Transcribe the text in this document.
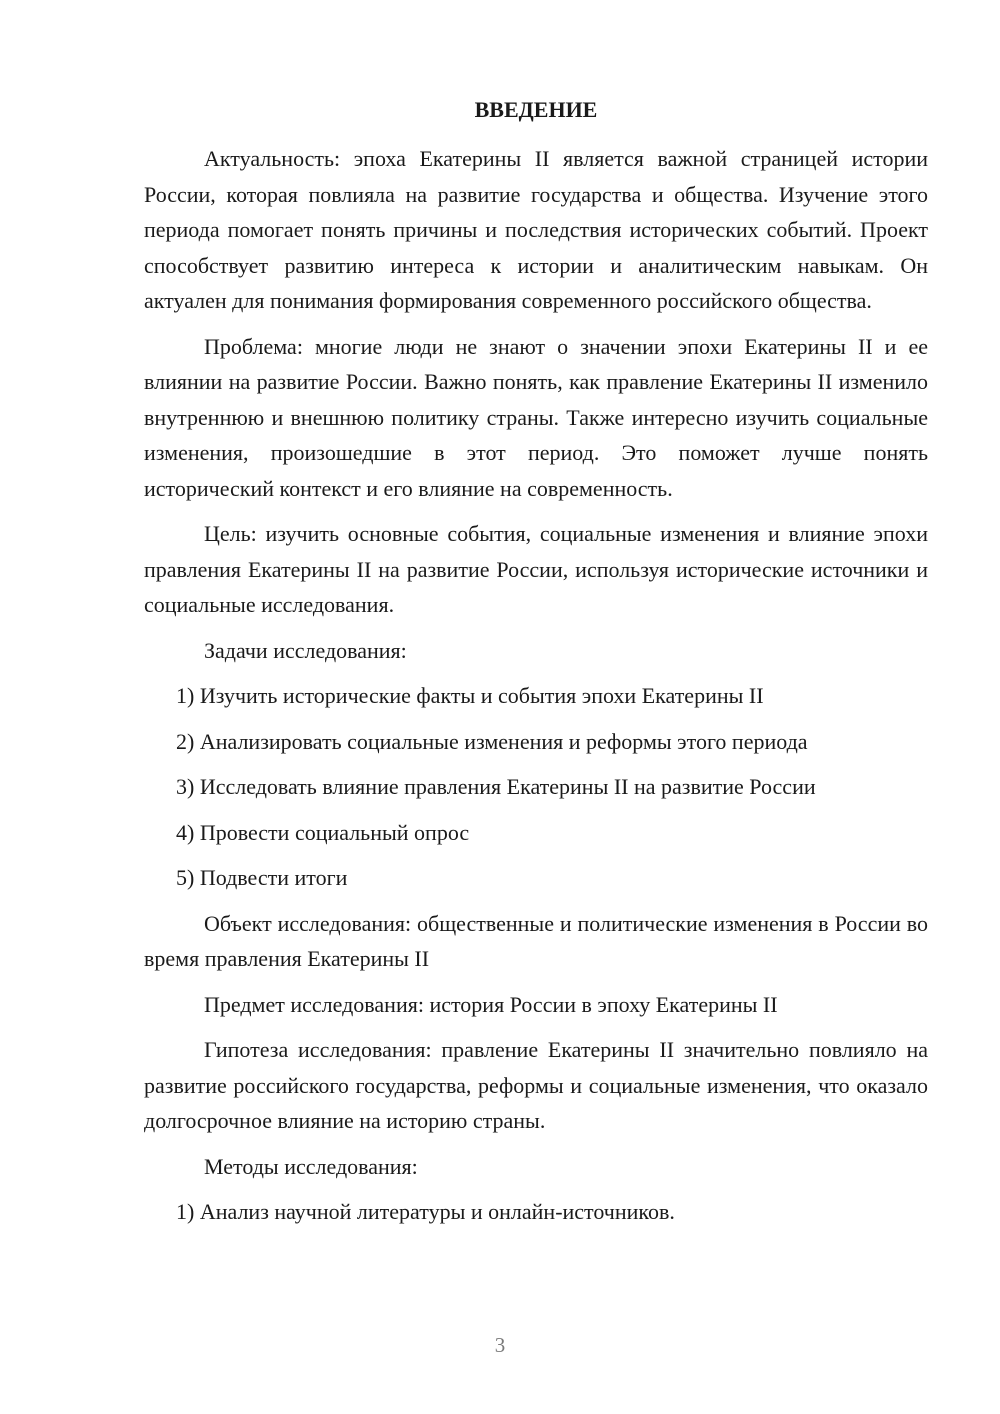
ВВЕДЕНИЕ

Актуальность: эпоха Екатерины II является важной страницей истории России, которая повлияла на развитие государства и общества. Изучение этого периода помогает понять причины и последствия исторических событий. Проект способствует развитию интереса к истории и аналитическим навыкам. Он актуален для понимания формирования современного российского общества.

Проблема: многие люди не знают о значении эпохи Екатерины II и ее влиянии на развитие России. Важно понять, как правление Екатерины II изменило внутреннюю и внешнюю политику страны. Также интересно изучить социальные изменения, произошедшие в этот период. Это поможет лучше понять исторический контекст и его влияние на современность.

Цель: изучить основные события, социальные изменения и влияние эпохи правления Екатерины II на развитие России, используя исторические источники и социальные исследования.

Задачи исследования:

1) Изучить исторические факты и события эпохи Екатерины II

2) Анализировать социальные изменения и реформы этого периода

3) Исследовать влияние правления Екатерины II на развитие России

4) Провести социальный опрос

5) Подвести итоги

Объект исследования: общественные и политические изменения в России во время правления Екатерины II

Предмет исследования: история России в эпоху Екатерины II

Гипотеза исследования: правление Екатерины II значительно повлияло на развитие российского государства, реформы и социальные изменения, что оказало долгосрочное влияние на историю страны.

Методы исследования:

1) Анализ научной литературы и онлайн-источников.

3
